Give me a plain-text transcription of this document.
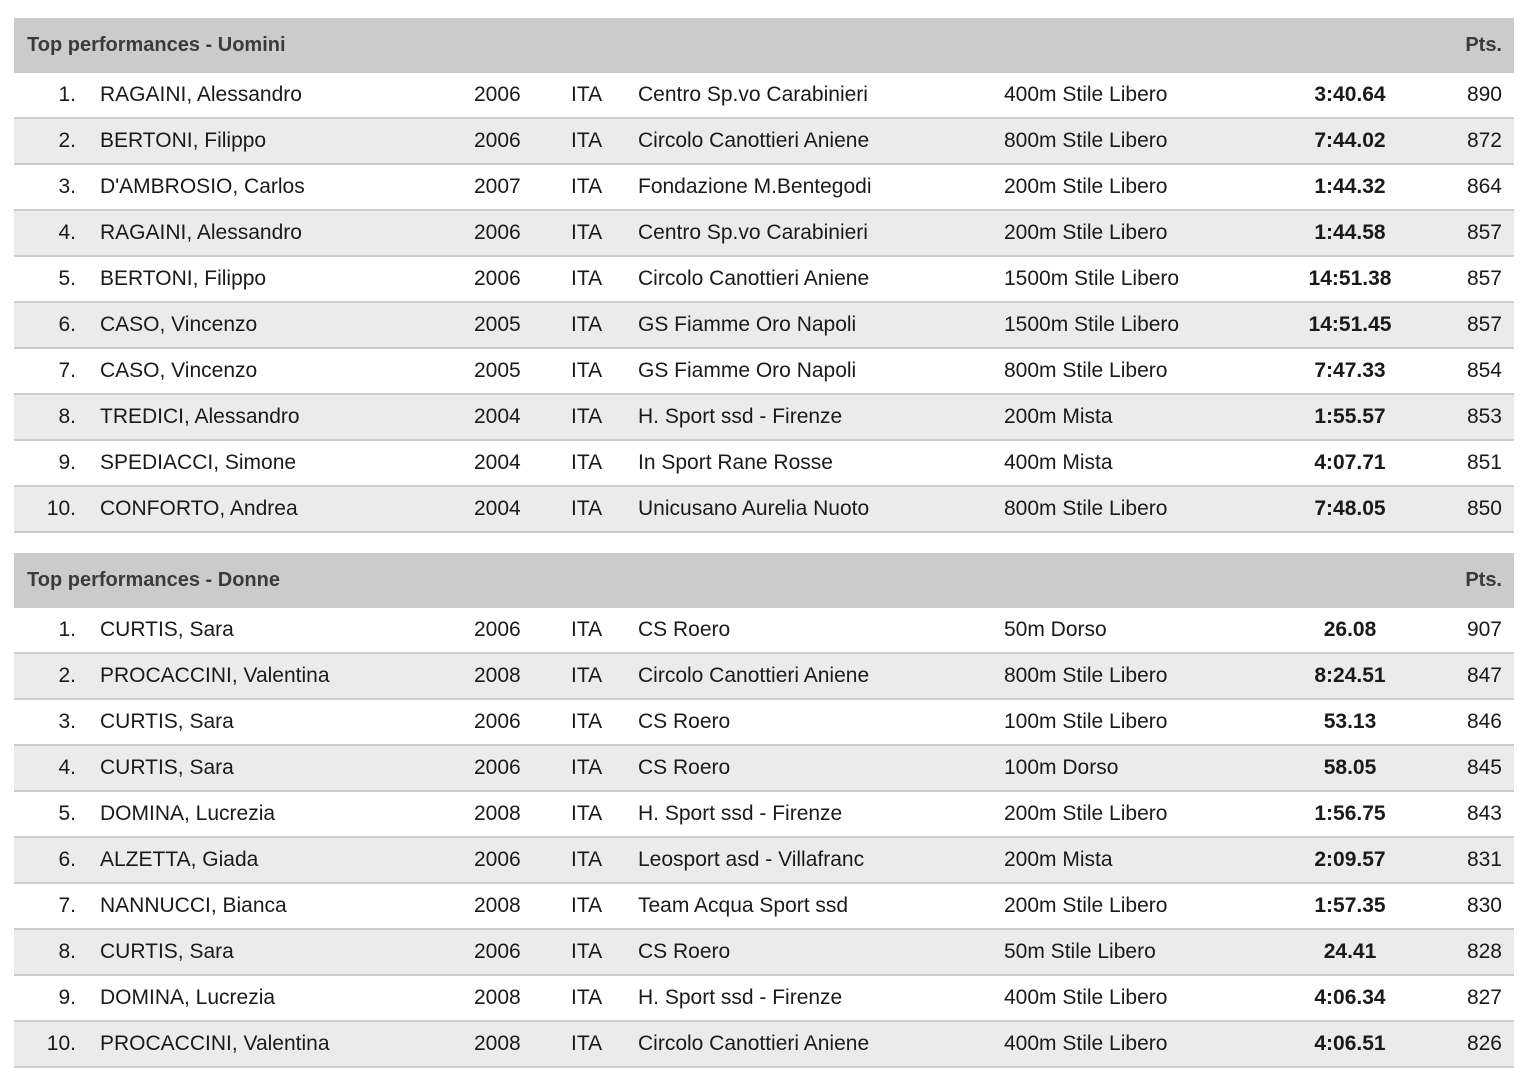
Top performances - Uomini	Pts.
1. RAGAINI, Alessandro	2006 ITA Centro Sp.vo Carabinieri	400m Stile Libero	3:40.64	890
2. BERTONI, Filippo	2006 ITA Circolo Canottieri Aniene	800m Stile Libero	7:44.02	872
3. D'AMBROSIO, Carlos	2007 ITA Fondazione M.Bentegodi	200m Stile Libero	1:44.32	864
4. RAGAINI, Alessandro	2006 ITA Centro Sp.vo Carabinieri	200m Stile Libero	1:44.58	857
5. BERTONI, Filippo	2006 ITA Circolo Canottieri Aniene	1500m Stile Libero	14:51.38	857
6. CASO, Vincenzo	2005 ITA GS Fiamme Oro Napoli	1500m Stile Libero	14:51.45	857
7. CASO, Vincenzo	2005 ITA GS Fiamme Oro Napoli	800m Stile Libero	7:47.33	854
8. TREDICI, Alessandro	2004 ITA H. Sport ssd - Firenze	200m Mista	1:55.57	853
9. SPEDIACCI, Simone	2004 ITA In Sport Rane Rosse	400m Mista	4:07.71	851
10. CONFORTO, Andrea	2004 ITA Unicusano Aurelia Nuoto	800m Stile Libero	7:48.05	850
Top performances - Donne	Pts.
1. CURTIS, Sara	2006 ITA CS Roero	50m Dorso	26.08	907
2. PROCACCINI, Valentina	2008 ITA Circolo Canottieri Aniene	800m Stile Libero	8:24.51	847
3. CURTIS, Sara	2006 ITA CS Roero	100m Stile Libero	53.13	846
4. CURTIS, Sara	2006 ITA CS Roero	100m Dorso	58.05	845
5. DOMINA, Lucrezia	2008 ITA H. Sport ssd - Firenze	200m Stile Libero	1:56.75	843
6. ALZETTA, Giada	2006 ITA Leosport asd - Villafranc	200m Mista	2:09.57	831
7. NANNUCCI, Bianca	2008 ITA Team Acqua Sport ssd	200m Stile Libero	1:57.35	830
8. CURTIS, Sara	2006 ITA CS Roero	50m Stile Libero	24.41	828
9. DOMINA, Lucrezia	2008 ITA H. Sport ssd - Firenze	400m Stile Libero	4:06.34	827
10. PROCACCINI, Valentina	2008 ITA Circolo Canottieri Aniene	400m Stile Libero	4:06.51	826
